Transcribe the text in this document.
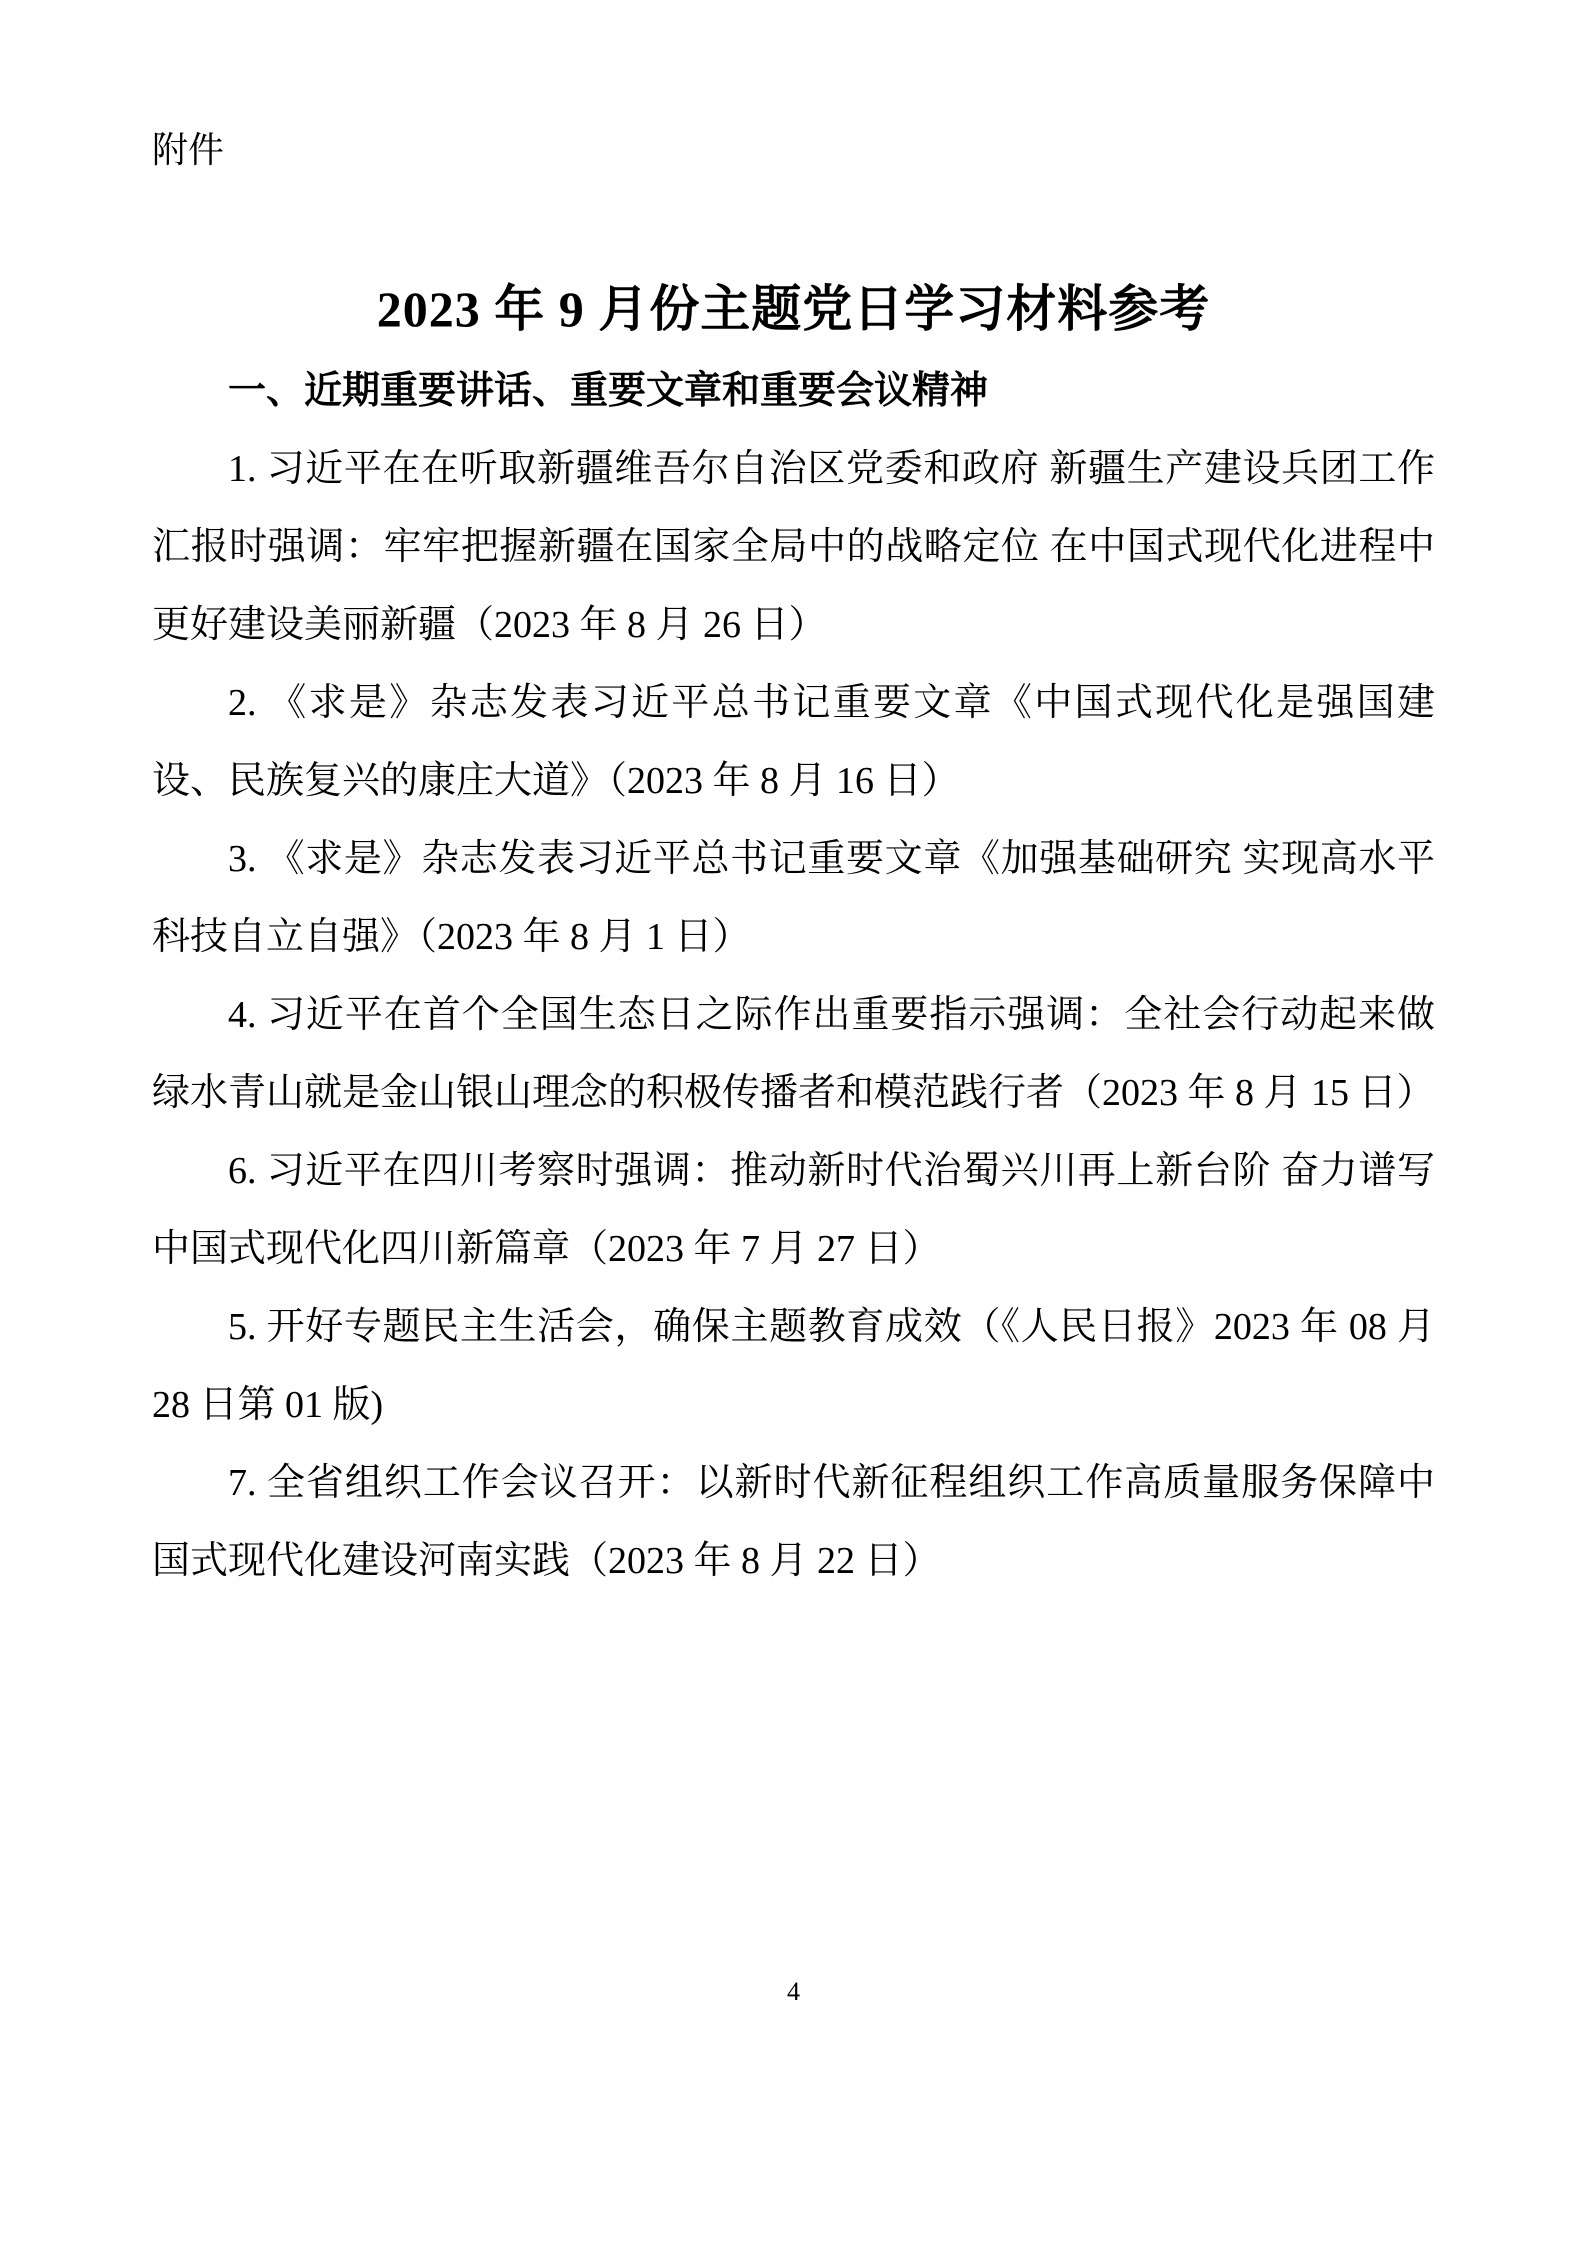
附件

2023 年 9 月份主题党日学习材料参考
一、近期重要讲话、重要文章和重要会议精神

1. 习近平在在听取新疆维吾尔自治区党委和政府 新疆生产建设兵团工作汇报时强调：牢牢把握新疆在国家全局中的战略定位 在中国式现代化进程中更好建设美丽新疆（2023 年 8 月 26 日）

2. 《求是》杂志发表习近平总书记重要文章《中国式现代化是强国建设、民族复兴的康庄大道》（2023 年 8 月 16 日）

3. 《求是》杂志发表习近平总书记重要文章《加强基础研究 实现高水平科技自立自强》（2023 年 8 月 1 日）

4. 习近平在首个全国生态日之际作出重要指示强调：全社会行动起来做绿水青山就是金山银山理念的积极传播者和模范践行者（2023 年 8 月 15 日）

6. 习近平在四川考察时强调：推动新时代治蜀兴川再上新台阶 奋力谱写中国式现代化四川新篇章（2023 年 7 月 27 日）

5. 开好专题民主生活会，确保主题教育成效（《人民日报》2023 年 08 月 28 日第 01 版)

7. 全省组织工作会议召开：以新时代新征程组织工作高质量服务保障中国式现代化建设河南实践（2023 年 8 月 22 日）

4
